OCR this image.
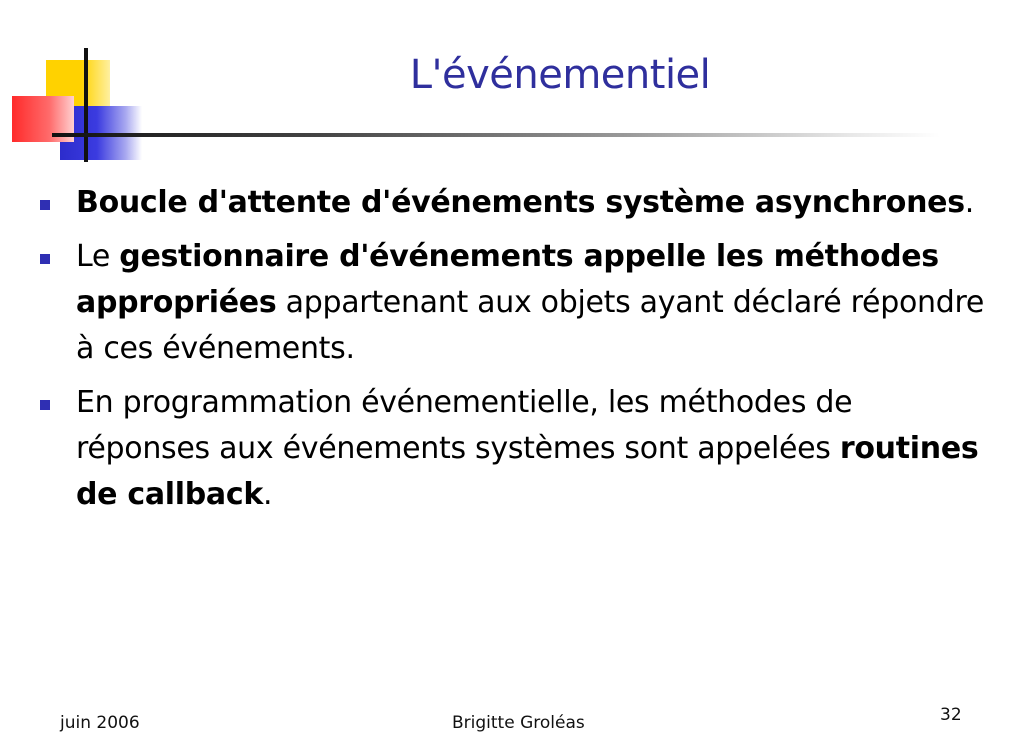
L'événementiel
Boucle d'attente d'événements système asynchrones.
Le gestionnaire d'événements appelle les méthodes appropriées appartenant aux objets ayant déclaré répondre à ces événements.
En programmation événementielle, les méthodes de réponses aux événements systèmes sont appelées routines de callback.
juin 2006	Brigitte Groléas	32
